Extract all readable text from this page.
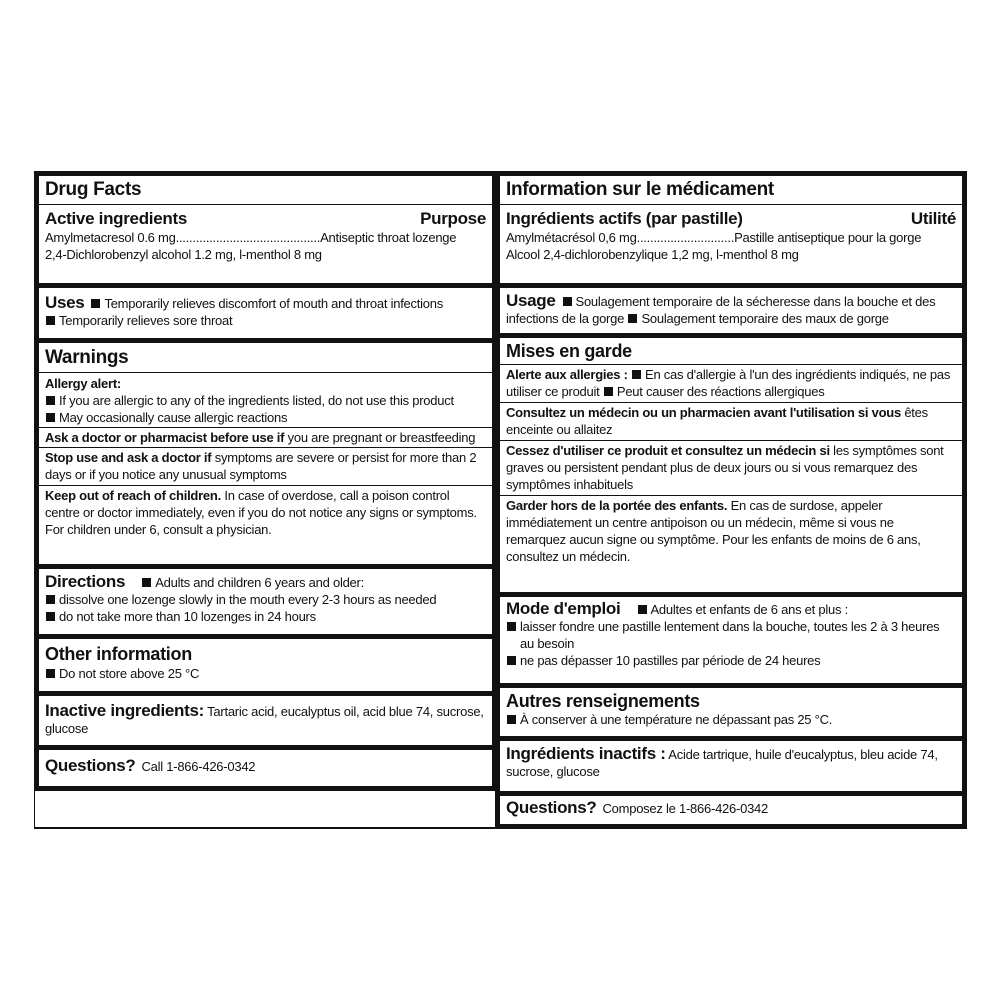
Drug Facts
Active ingredients	Purpose
Amylmetacresol 0.6 mg...........................................Antiseptic throat lozenge
2,4-Dichlorobenzyl alcohol 1.2 mg, l-menthol 8 mg
Uses Temporarily relieves discomfort of mouth and throat infections
Temporarily relieves sore throat
Warnings
Allergy alert:
If you are allergic to any of the ingredients listed, do not use this product
May occasionally cause allergic reactions
Ask a doctor or pharmacist before use if you are pregnant or breastfeeding
Stop use and ask a doctor if symptoms are severe or persist for more than 2 days or if you notice any unusual symptoms
Keep out of reach of children. In case of overdose, call a poison control centre or doctor immediately, even if you do not notice any signs or symptoms. For children under 6, consult a physician.
Directions Adults and children 6 years and older:
dissolve one lozenge slowly in the mouth every 2-3 hours as needed
do not take more than 10 lozenges in 24 hours
Other information
Do not store above 25 °C
Inactive ingredients: Tartaric acid, eucalyptus oil, acid blue 74, sucrose, glucose
Questions? Call 1-866-426-0342
Information sur le médicament
Ingrédients actifs (par pastille)	Utilité
Amylmétacrésol 0,6 mg.............................Pastille antiseptique pour la gorge
Alcool 2,4-dichlorobenzylique 1,2 mg, l-menthol 8 mg
Usage Soulagement temporaire de la sécheresse dans la bouche et des infections de la gorge Soulagement temporaire des maux de gorge
Mises en garde
Alerte aux allergies : En cas d'allergie à l'un des ingrédients indiqués, ne pas utiliser ce produit Peut causer des réactions allergiques
Consultez un médecin ou un pharmacien avant l'utilisation si vous êtes enceinte ou allaitez
Cessez d'utiliser ce produit et consultez un médecin si les symptômes sont graves ou persistent pendant plus de deux jours ou si vous remarquez des symptômes inhabituels
Garder hors de la portée des enfants. En cas de surdose, appeler immédiatement un centre antipoison ou un médecin, même si vous ne remarquez aucun signe ou symptôme. Pour les enfants de moins de 6 ans, consultez un médecin.
Mode d'emploi Adultes et enfants de 6 ans et plus :
laisser fondre une pastille lentement dans la bouche, toutes les 2 à 3 heures au besoin
ne pas dépasser 10 pastilles par période de 24 heures
Autres renseignements
À conserver à une température ne dépassant pas 25 °C.
Ingrédients inactifs : Acide tartrique, huile d'eucalyptus, bleu acide 74, sucrose, glucose
Questions? Composez le 1-866-426-0342
